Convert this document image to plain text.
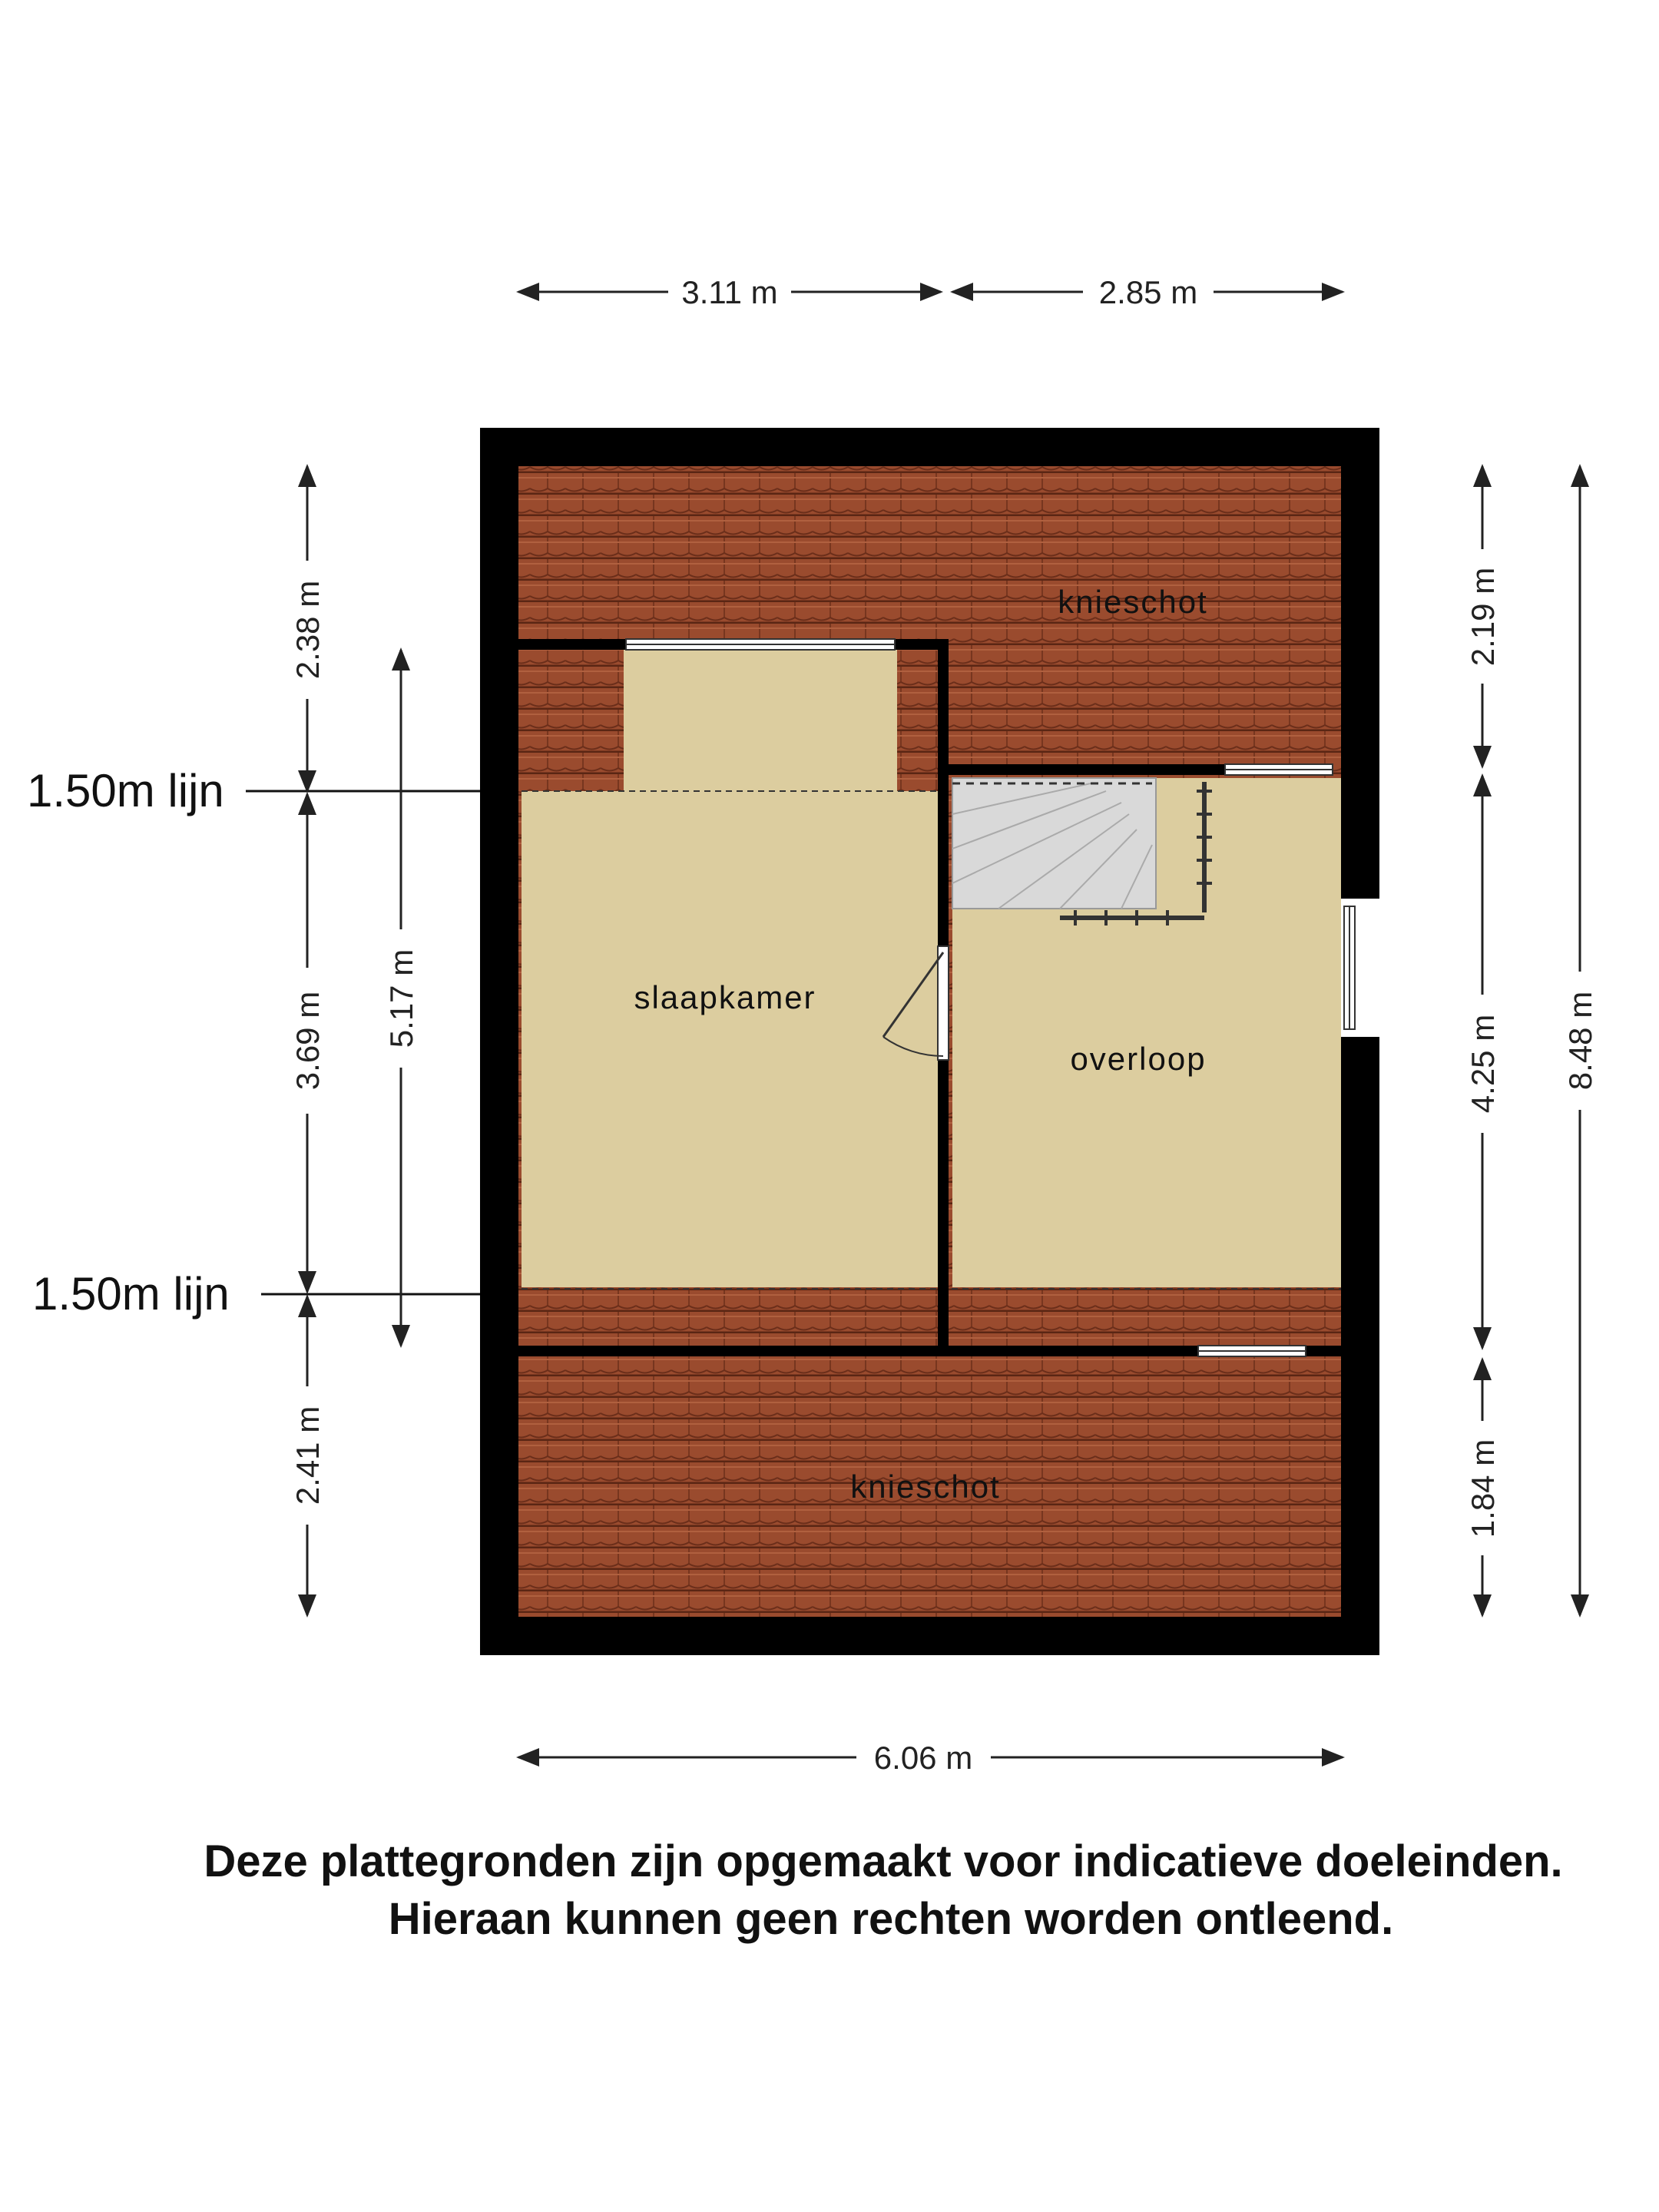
knieschot
slaapkamer
overloop
knieschot
1.50m lijn
1.50m lijn
3.11 m	2.85 m
6.06 m
2.38 m
3.69 m
2.41 m
5.17 m
2.19 m
4.25 m
1.84 m
8.48 m
Deze plattegronden zijn opgemaakt voor indicatieve doeleinden.
Hieraan kunnen geen rechten worden ontleend.
